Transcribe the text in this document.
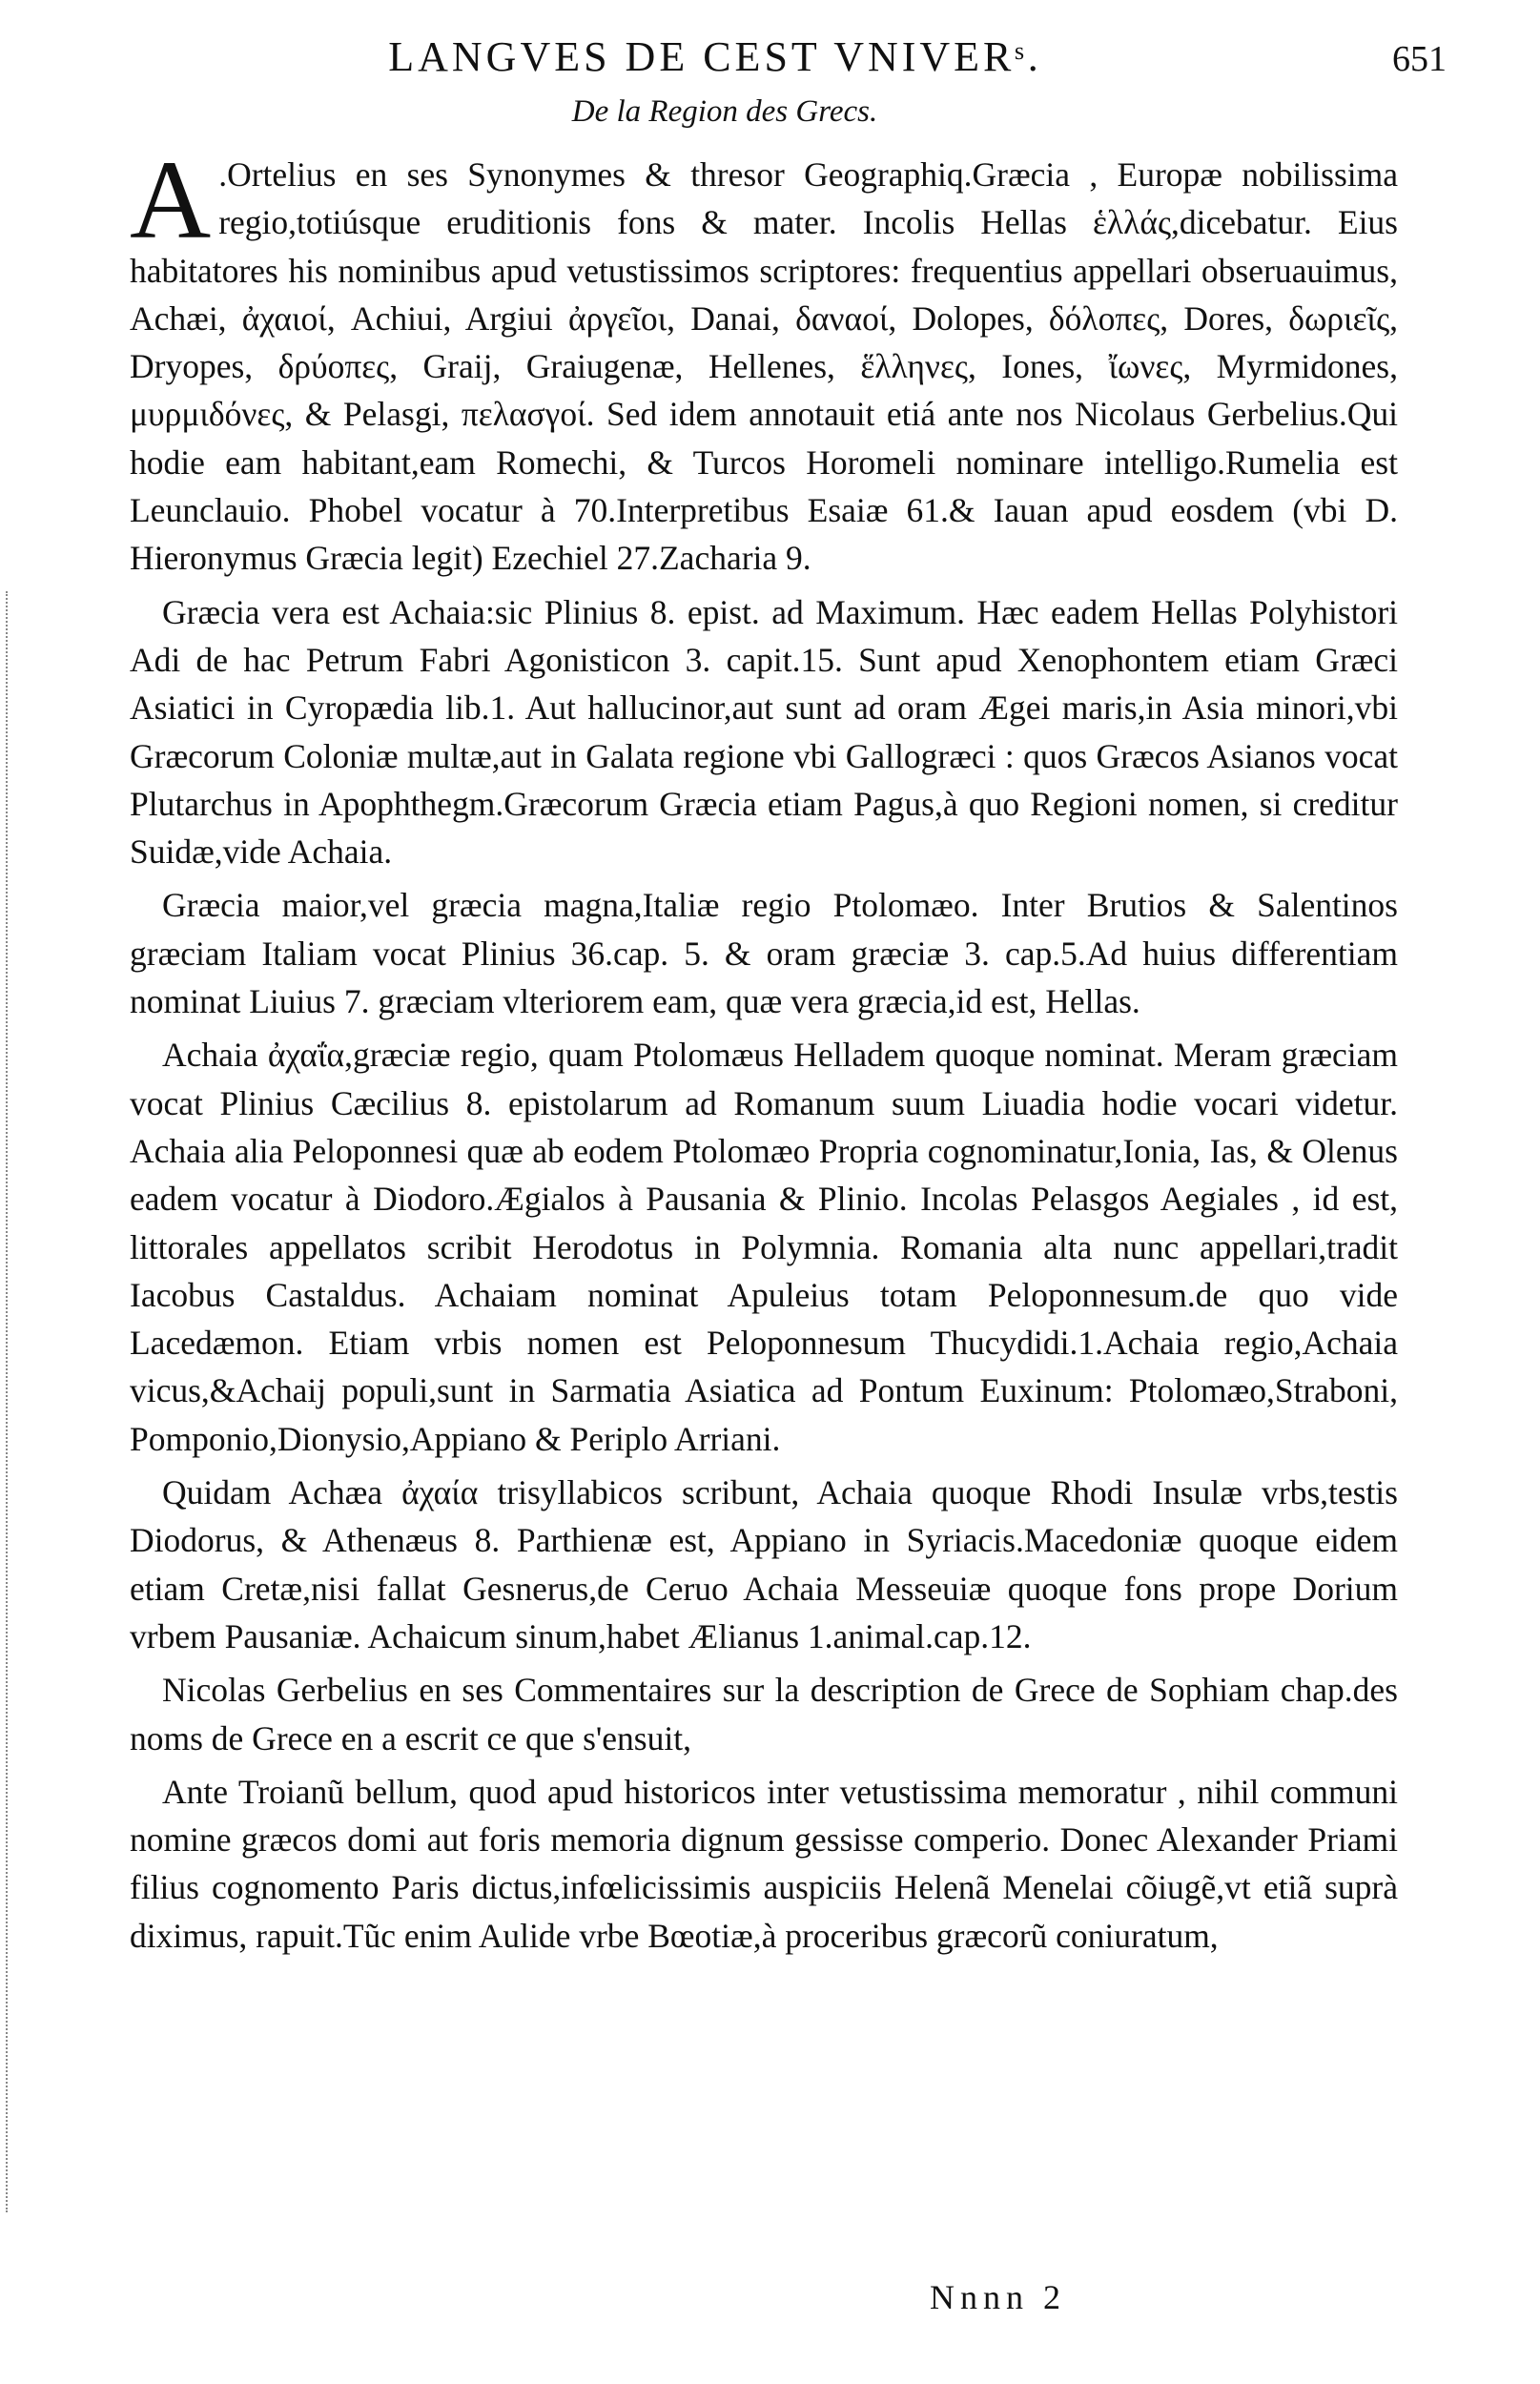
LANGVES DE CEST VNIVERˢ.	651
De la Region des Grecs.

A .Ortelius en ses Synonymes & thresor Geographiq.Græcia , Europæ nobilissima regio,totiúsque eruditionis fons & mater. Incolis Hellas ἑλλάς,dicebatur. Eius habitatores his nominibus apud vetustissimos scriptores: frequentius appellari obseruauimus, Achæi, ἀχαιοί, Achiui, Argiui ἀργεῖοι, Danai, δαναοί, Dolopes, δόλοπες, Dores, δωριεῖς, Dryopes, δρύοπες, Graij, Graiugenæ, Hellenes, ἕλληνες, Iones, ἴωνες, Myrmidones, μυρμιδόνες, & Pelasgi, πελασγοί. Sed idem annotauit etiá ante nos Nicolaus Gerbelius.Qui hodie eam habitant,eam Romechi, & Turcos Horomeli nominare intelligo.Rumelia est Leunclauio. Phobel vocatur à 70.Interpretibus Esaiæ 61.& Iauan apud eosdem (vbi D. Hieronymus Græcia legit) Ezechiel 27.Zacharia 9.

Græcia vera est Achaia:sic Plinius 8. epist. ad Maximum. Hæc eadem Hellas Polyhistori Adi de hac Petrum Fabri Agonisticon 3. capit.15. Sunt apud Xenophontem etiam Græci Asiatici in Cyropædia lib.1. Aut hallucinor,aut sunt ad oram Ægei maris,in Asia minori,vbi Græcorum Coloniæ multæ,aut in Galata regione vbi Gallogræci : quos Græcos Asianos vocat Plutarchus in Apophthegm.Græcorum Græcia etiam Pagus,à quo Regioni nomen, si creditur Suidæ,vide Achaia.

Græcia maior,vel græcia magna,Italiæ regio Ptolomæo. Inter Brutios & Salentinos græciam Italiam vocat Plinius 36.cap. 5. & oram græciæ 3. cap.5.Ad huius differentiam nominat Liuius 7. græciam vlteriorem eam, quæ vera græcia,id est, Hellas.

Achaia ἀχαΐα,græciæ regio, quam Ptolomæus Helladem quoque nominat. Meram græciam vocat Plinius Cæcilius 8. epistolarum ad Romanum suum Liuadia hodie vocari videtur. Achaia alia Peloponnesi quæ ab eodem Ptolomæo Propria cognominatur,Ionia, Ias, & Olenus eadem vocatur à Diodoro.Ægialos à Pausania & Plinio. Incolas Pelasgos Aegiales , id est, littorales appellatos scribit Herodotus in Polymnia. Romania alta nunc appellari,tradit Iacobus Castaldus. Achaiam nominat Apuleius totam Peloponnesum.de quo vide Lacedæmon. Etiam vrbis nomen est Peloponnesum Thucydidi.1.Achaia regio,Achaia vicus,&Achaij populi,sunt in Sarmatia Asiatica ad Pontum Euxinum: Ptolomæo,Straboni, Pomponio,Dionysio,Appiano & Periplo Arriani.

Quidam Achæa ἀχαία trisyllabicos scribunt, Achaia quoque Rhodi Insulæ vrbs,testis Diodorus, & Athenæus 8. Parthienæ est, Appiano in Syriacis.Macedoniæ quoque eidem etiam Cretæ,nisi fallat Gesnerus,de Ceruo Achaia Messeuiæ quoque fons prope Dorium vrbem Pausaniæ. Achaicum sinum,habet Ælianus 1.animal.cap.12.

Nicolas Gerbelius en ses Commentaires sur la description de Grece de Sophiam chap.des noms de Grece en a escrit ce que s'ensuit,

Ante Troianũ bellum, quod apud historicos inter vetustissima memoratur , nihil communi nomine græcos domi aut foris memoria dignum gessisse comperio. Donec Alexander Priami filius cognomento Paris dictus,infœlicissimis auspiciis Helenã Menelai cõiugẽ,vt etiã suprà diximus, rapuit.Tũc enim Aulide vrbe Bœotiæ,à proceribus græcorũ coniuratum,

Nnnn 2
